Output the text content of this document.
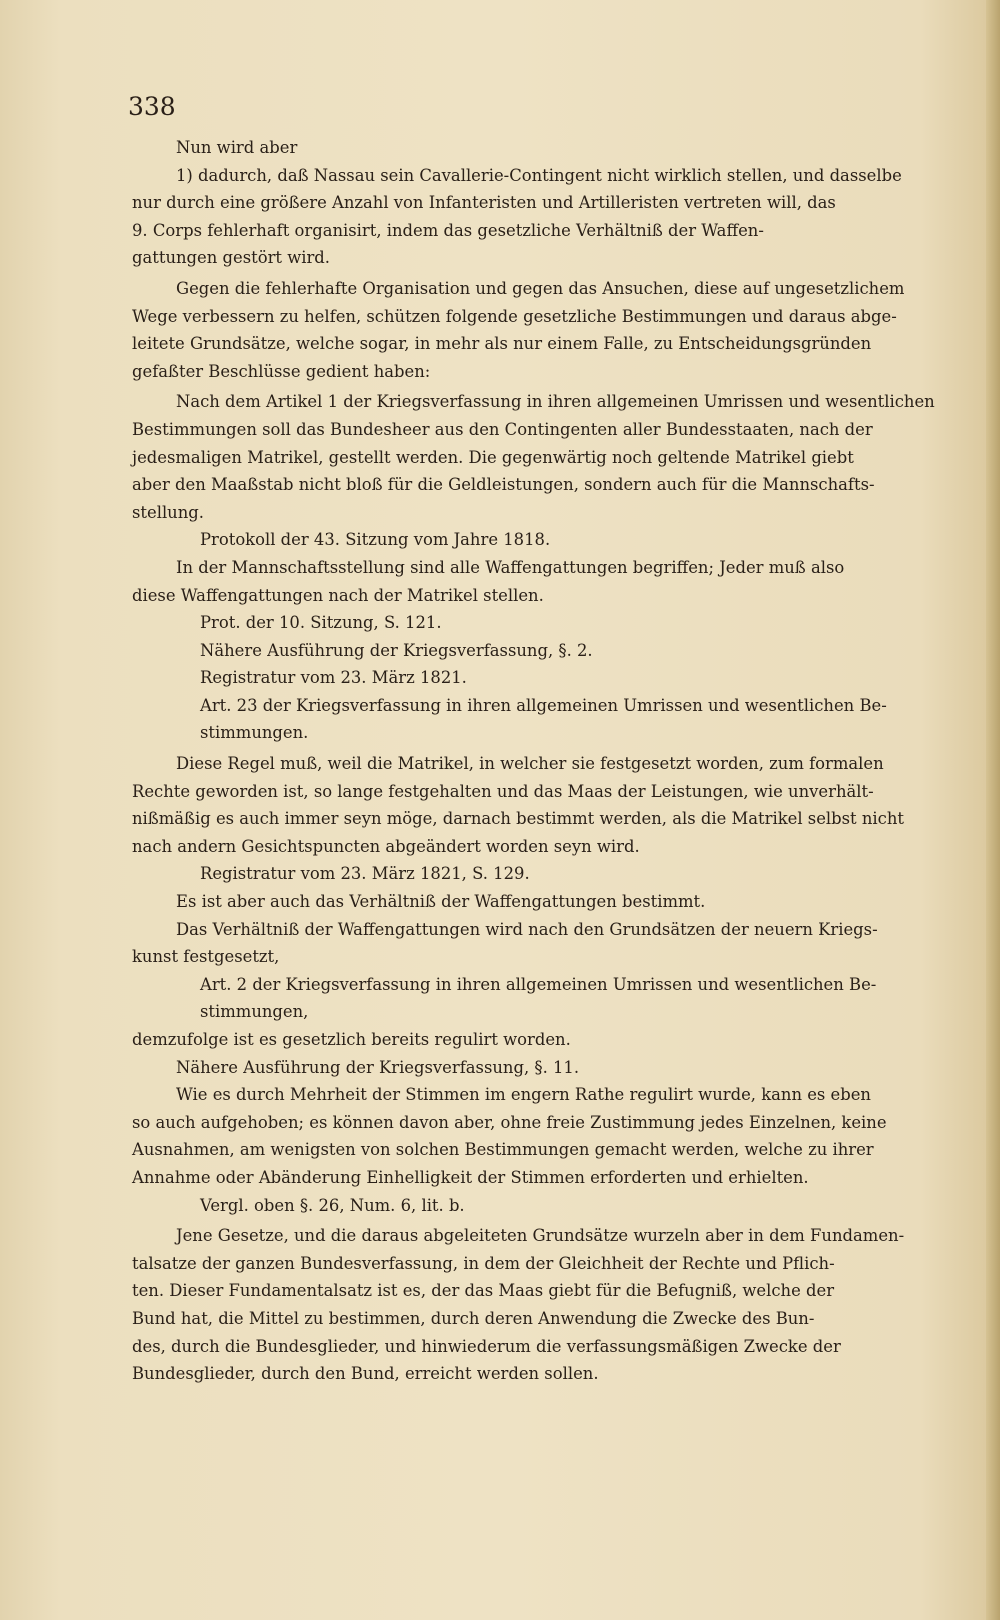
338

Nun wird aber

1) dadurch, daß Nassau sein Cavallerie-Contingent nicht wirklich stellen, und dasselbe

nur durch eine größere Anzahl von Infanteristen und Artilleristen vertreten will, das

9. Corps fehlerhaft organisirt, indem das gesetzliche Verhältniß der Waffen-

gattungen gestört wird.

Gegen die fehlerhafte Organisation und gegen das Ansuchen, diese auf ungesetzlichem

Wege verbessern zu helfen, schützen folgende gesetzliche Bestimmungen und daraus abge-

leitete Grundsätze, welche sogar, in mehr als nur einem Falle, zu Entscheidungsgründen

gefaßter Beschlüsse gedient haben:

Nach dem Artikel 1 der Kriegsverfassung in ihren allgemeinen Umrissen und wesentlichen

Bestimmungen soll das Bundesheer aus den Contingenten aller Bundesstaaten, nach der

jedesmaligen Matrikel, gestellt werden. Die gegenwärtig noch geltende Matrikel giebt

aber den Maaßstab nicht bloß für die Geldleistungen, sondern auch für die Mannschafts-

stellung.

Protokoll der 43. Sitzung vom Jahre 1818.

In der Mannschaftsstellung sind alle Waffengattungen begriffen; Jeder muß also

diese Waffengattungen nach der Matrikel stellen.

Prot. der 10. Sitzung, S. 121.

Nähere Ausführung der Kriegsverfassung, §. 2.

Registratur vom 23. März 1821.

Art. 23 der Kriegsverfassung in ihren allgemeinen Umrissen und wesentlichen Be-

stimmungen.

Diese Regel muß, weil die Matrikel, in welcher sie festgesetzt worden, zum formalen

Rechte geworden ist, so lange festgehalten und das Maas der Leistungen, wie unverhält-

nißmäßig es auch immer seyn möge, darnach bestimmt werden, als die Matrikel selbst nicht

nach andern Gesichtspuncten abgeändert worden seyn wird.

Registratur vom 23. März 1821, S. 129.

Es ist aber auch das Verhältniß der Waffengattungen bestimmt.

Das Verhältniß der Waffengattungen wird nach den Grundsätzen der neuern Kriegs-

kunst festgesetzt,

Art. 2 der Kriegsverfassung in ihren allgemeinen Umrissen und wesentlichen Be-

stimmungen,

demzufolge ist es gesetzlich bereits regulirt worden.

Nähere Ausführung der Kriegsverfassung, §. 11.

Wie es durch Mehrheit der Stimmen im engern Rathe regulirt wurde, kann es eben

so auch aufgehoben; es können davon aber, ohne freie Zustimmung jedes Einzelnen, keine

Ausnahmen, am wenigsten von solchen Bestimmungen gemacht werden, welche zu ihrer

Annahme oder Abänderung Einhelligkeit der Stimmen erforderten und erhielten.

Vergl. oben §. 26, Num. 6, lit. b.

Jene Gesetze, und die daraus abgeleiteten Grundsätze wurzeln aber in dem Fundamen-

talsatze der ganzen Bundesverfassung, in dem der Gleichheit der Rechte und Pflich-

ten. Dieser Fundamentalsatz ist es, der das Maas giebt für die Befugniß, welche der

Bund hat, die Mittel zu bestimmen, durch deren Anwendung die Zwecke des Bun-

des, durch die Bundesglieder, und hinwiederum die verfassungsmäßigen Zwecke der

Bundesglieder, durch den Bund, erreicht werden sollen.
